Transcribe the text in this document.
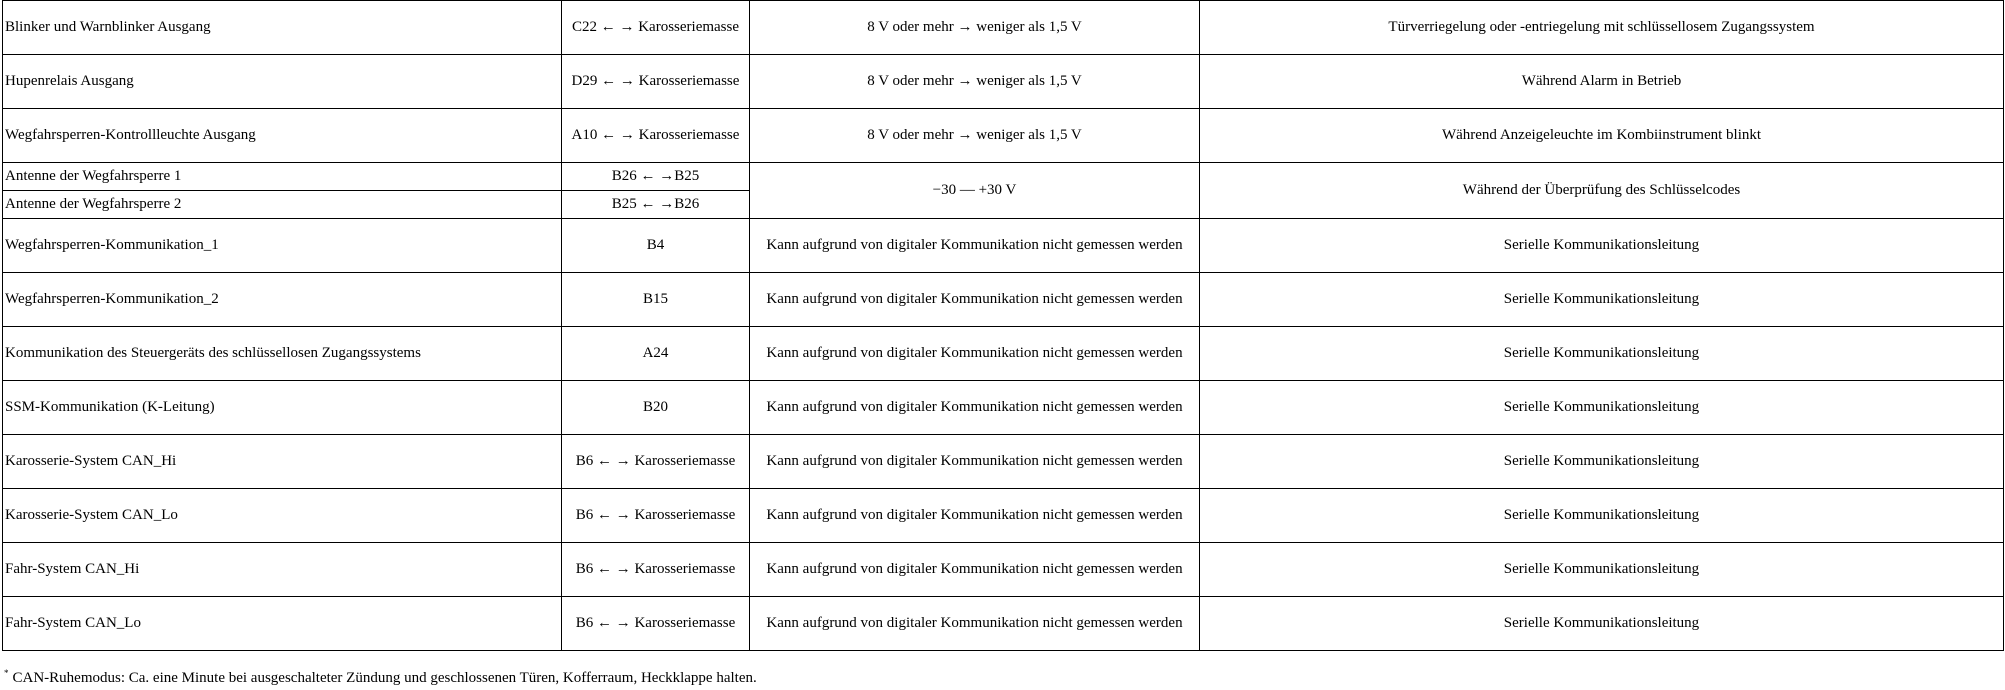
Blinker und Warnblinker Ausgang	C22 ← → Karosseriemasse	8 V oder mehr → weniger als 1,5 V	Türverriegelung oder -entriegelung mit schlüssellosem Zugangssystem
Hupenrelais Ausgang	D29 ← → Karosseriemasse	8 V oder mehr → weniger als 1,5 V	Während Alarm in Betrieb
Wegfahrsperren-Kontrollleuchte Ausgang	A10 ← → Karosseriemasse	8 V oder mehr → weniger als 1,5 V	Während Anzeigeleuchte im Kombiinstrument blinkt
Antenne der Wegfahrsperre 1	B26 ← →B25	−30 — +30 V	Während der Überprüfung des Schlüsselcodes
Antenne der Wegfahrsperre 2	B25 ← →B26		
Wegfahrsperren-Kommunikation_1	B4	Kann aufgrund von digitaler Kommunikation nicht gemessen werden	Serielle Kommunikationsleitung
Wegfahrsperren-Kommunikation_2	B15	Kann aufgrund von digitaler Kommunikation nicht gemessen werden	Serielle Kommunikationsleitung
Kommunikation des Steuergeräts des schlüssellosen Zugangssystems	A24	Kann aufgrund von digitaler Kommunikation nicht gemessen werden	Serielle Kommunikationsleitung
SSM-Kommunikation (K-Leitung)	B20	Kann aufgrund von digitaler Kommunikation nicht gemessen werden	Serielle Kommunikationsleitung
Karosserie-System CAN_Hi	B6 ← → Karosseriemasse	Kann aufgrund von digitaler Kommunikation nicht gemessen werden	Serielle Kommunikationsleitung
Karosserie-System CAN_Lo	B6 ← → Karosseriemasse	Kann aufgrund von digitaler Kommunikation nicht gemessen werden	Serielle Kommunikationsleitung
Fahr-System CAN_Hi	B6 ← → Karosseriemasse	Kann aufgrund von digitaler Kommunikation nicht gemessen werden	Serielle Kommunikationsleitung
Fahr-System CAN_Lo	B6 ← → Karosseriemasse	Kann aufgrund von digitaler Kommunikation nicht gemessen werden	Serielle Kommunikationsleitung
* CAN-Ruhemodus: Ca. eine Minute bei ausgeschalteter Zündung und geschlossenen Türen, Kofferraum, Heckklappe halten.
